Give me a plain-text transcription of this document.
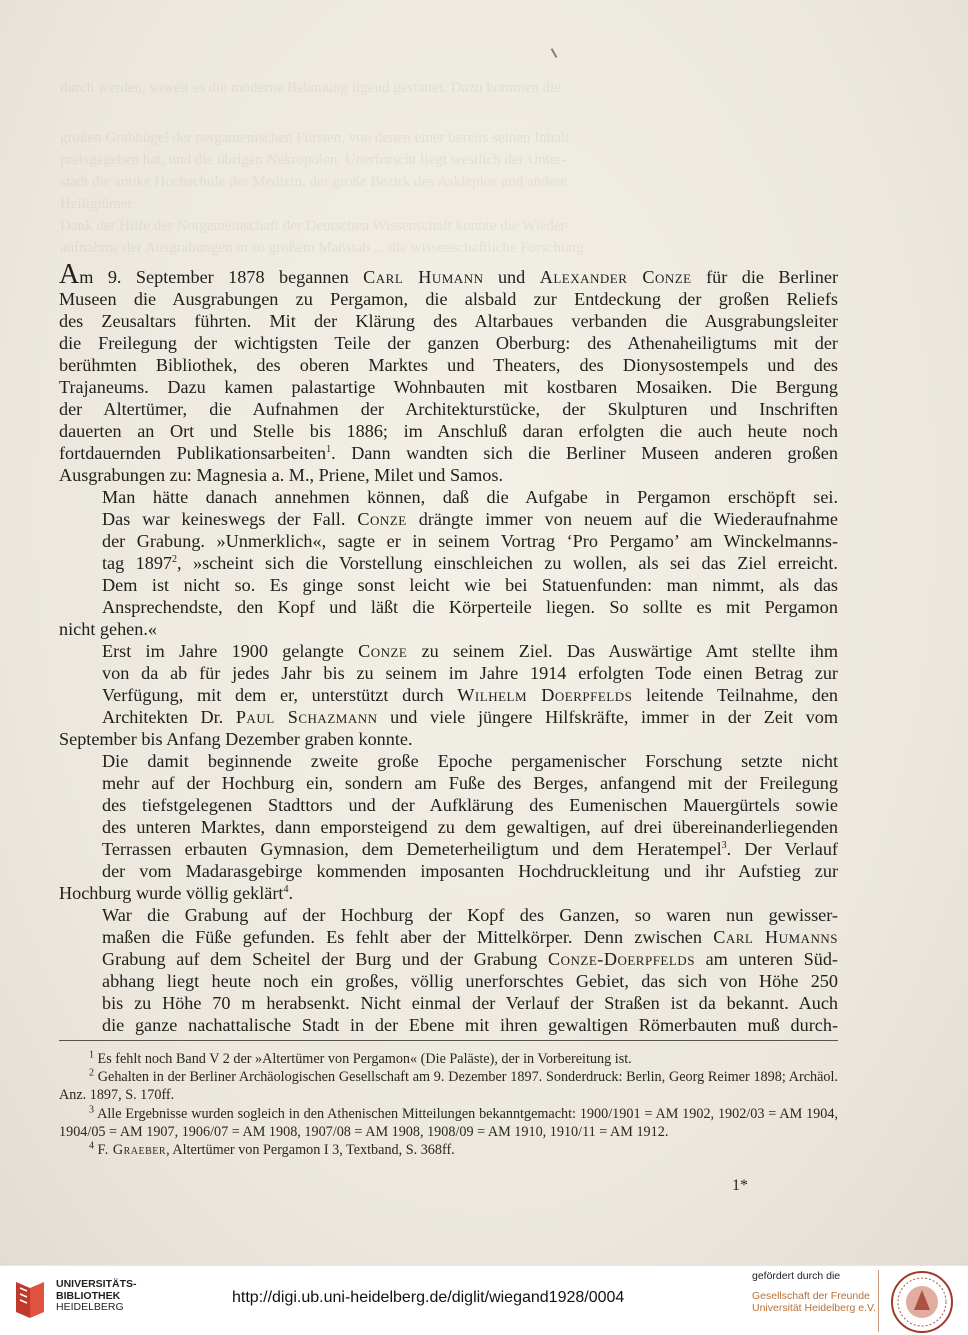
durch werden, soweit es die moderne Bebauung irgend gestattet. Dazu kommen die
großen Grabhügel der pergamenischen Fürsten, von denen einer bereits seinen Inhalt
preisgegeben hat, und die übrigen Nekropolen. Unerforscht liegt westlich der Unter-
stadt die antike Hochschule der Medizin, der große Bezirk des Asklepios und andere
Heiligtümer.
Dank der Hilfe der Notgemeinschaft der Deutschen Wissenschaft konnte die Wieder-
aufnahme der Ausgrabungen in so großem Maßstab ... die wissenschaftliche Forschung

Am 9. September 1878 begannen Carl Humann und Alexander Conze für die Berliner
Museen die Ausgrabungen zu Pergamon, die alsbald zur Entdeckung der großen Reliefs
des Zeusaltars führten. Mit der Klärung des Altarbaues verbanden die Ausgrabungsleiter
die Freilegung der wichtigsten Teile der ganzen Oberburg: des Athenaheiligtums mit der
berühmten Bibliothek, des oberen Marktes und Theaters, des Dionysostempels und des
Trajaneums. Dazu kamen palastartige Wohnbauten mit kostbaren Mosaiken. Die Bergung
der Altertümer, die Aufnahmen der Architekturstücke, der Skulpturen und Inschriften
dauerten an Ort und Stelle bis 1886; im Anschluß daran erfolgten die auch heute noch
fortdauernden Publikationsarbeiten$^1$. Dann wandten sich die Berliner Museen anderen großen
Ausgrabungen zu: Magnesia a. M., Priene, Milet und Samos.

Man hätte danach annehmen können, daß die Aufgabe in Pergamon erschöpft sei.
Das war keineswegs der Fall. Conze drängte immer von neuem auf die Wiederaufnahme
der Grabung. »Unmerklich«, sagte er in seinem Vortrag ‘Pro Pergamo’ am Winckelmanns-
tag 1897$^2$, »scheint sich die Vorstellung einschleichen zu wollen, als sei das Ziel erreicht.
Dem ist nicht so. Es ginge sonst leicht wie bei Statuenfunden: man nimmt, als das
Ansprechendste, den Kopf und läßt die Körperteile liegen. So sollte es mit Pergamon
nicht gehen.«

Erst im Jahre 1900 gelangte Conze zu seinem Ziel. Das Auswärtige Amt stellte ihm
von da ab für jedes Jahr bis zu seinem im Jahre 1914 erfolgten Tode einen Betrag zur
Verfügung, mit dem er, unterstützt durch Wilhelm Doerpfelds leitende Teilnahme, den
Architekten Dr. Paul Schazmann und viele jüngere Hilfskräfte, immer in der Zeit vom
September bis Anfang Dezember graben konnte.

Die damit beginnende zweite große Epoche pergamenischer Forschung setzte nicht
mehr auf der Hochburg ein, sondern am Fuße des Berges, anfangend mit der Freilegung
des tiefstgelegenen Stadttors und der Aufklärung des Eumenischen Mauergürtels sowie
des unteren Marktes, dann emporsteigend zu dem gewaltigen, auf drei übereinanderliegenden
Terrassen erbauten Gymnasion, dem Demeterheiligtum und dem Heratempel$^3$. Der Verlauf
der vom Madarasgebirge kommenden imposanten Hochdruckleitung und ihr Aufstieg zur
Hochburg wurde völlig geklärt$^4$.

War die Grabung auf der Hochburg der Kopf des Ganzen, so waren nun gewisser-
maßen die Füße gefunden. Es fehlt aber der Mittelkörper. Denn zwischen Carl Humanns
Grabung auf dem Scheitel der Burg und der Grabung Conze-Doerpfelds am unteren Süd-
abhang liegt heute noch ein großes, völlig unerforschtes Gebiet, das sich von Höhe 250
bis zu Höhe 70 m herabsenkt. Nicht einmal der Verlauf der Straßen ist da bekannt. Auch
die ganze nachattalische Stadt in der Ebene mit ihren gewaltigen Römerbauten muß durch-

$^1$ Es fehlt noch Band V 2 der »Altertümer von Pergamon« (Die Paläste), der in Vorbereitung ist.

$^2$ Gehalten in der Berliner Archäologischen Gesellschaft am 9. Dezember 1897. Sonderdruck: Berlin, Georg Reimer 1898; Archäol. Anz. 1897, S. 170ff.

$^3$ Alle Ergebnisse wurden sogleich in den Athenischen Mitteilungen bekanntgemacht: 1900/1901 = AM 1902, 1902/03 = AM 1904, 1904/05 = AM 1907, 1906/07 = AM 1908, 1907/08 = AM 1908, 1908/09 = AM 1910, 1910/11 = AM 1912.

$^4$ F. Graeber, Altertümer von Pergamon I 3, Textband, S. 368ff.

1*
UNIVERSITÄTS-
BIBLIOTHEK
HEIDELBERG
http://digi.ub.uni-heidelberg.de/diglit/wiegand1928/0004
gefördert durch die
Gesellschaft der Freunde
Universität Heidelberg e.V.
